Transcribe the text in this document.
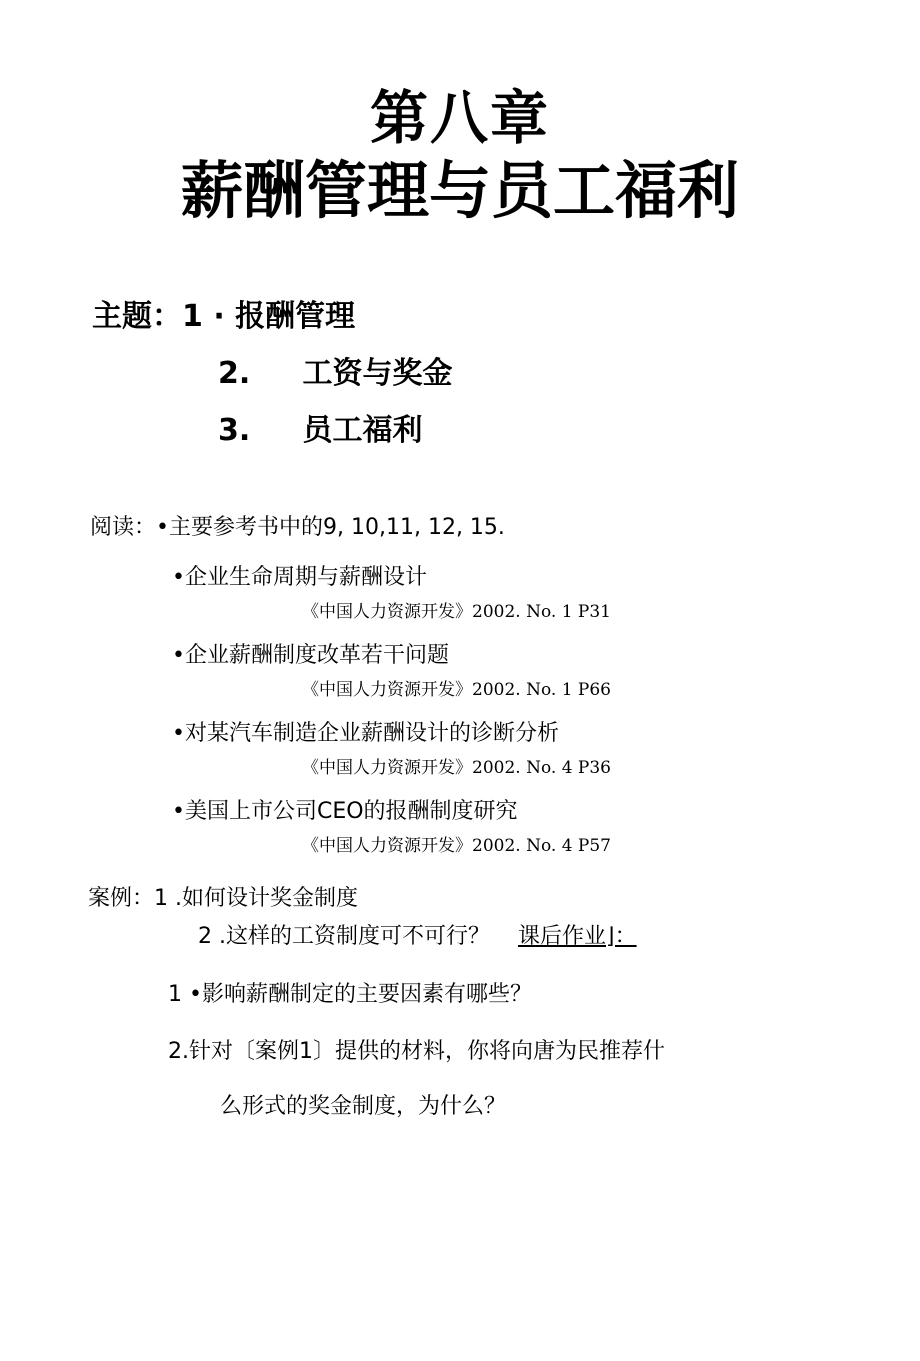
第八章
薪酬管理与员工福利
主题：1 · 报酬管理
2.     工资与奖金
3.     员工福利
阅读：•主要参考书中的9, 10,11, 12, 15.
•企业生命周期与薪酬设计
《中国人力资源开发》2002. No. 1 P31
•企业薪酬制度改革若干问题
《中国人力资源开发》2002. No. 1 P66
•对某汽车制造企业薪酬设计的诊断分析
《中国人力资源开发》2002. No. 4 P36
•美国上市公司CEO的报酬制度研究
《中国人力资源开发》2002. No. 4 P57
案例：1 .如何设计奖金制度
2 .这样的工资制度可不可行？ 课后作业⌋：
1 •影响薪酬制定的主要因素有哪些？
2.针对〔案例1〕提供的材料，你将向唐为民推荐什
么形式的奖金制度，为什么？
